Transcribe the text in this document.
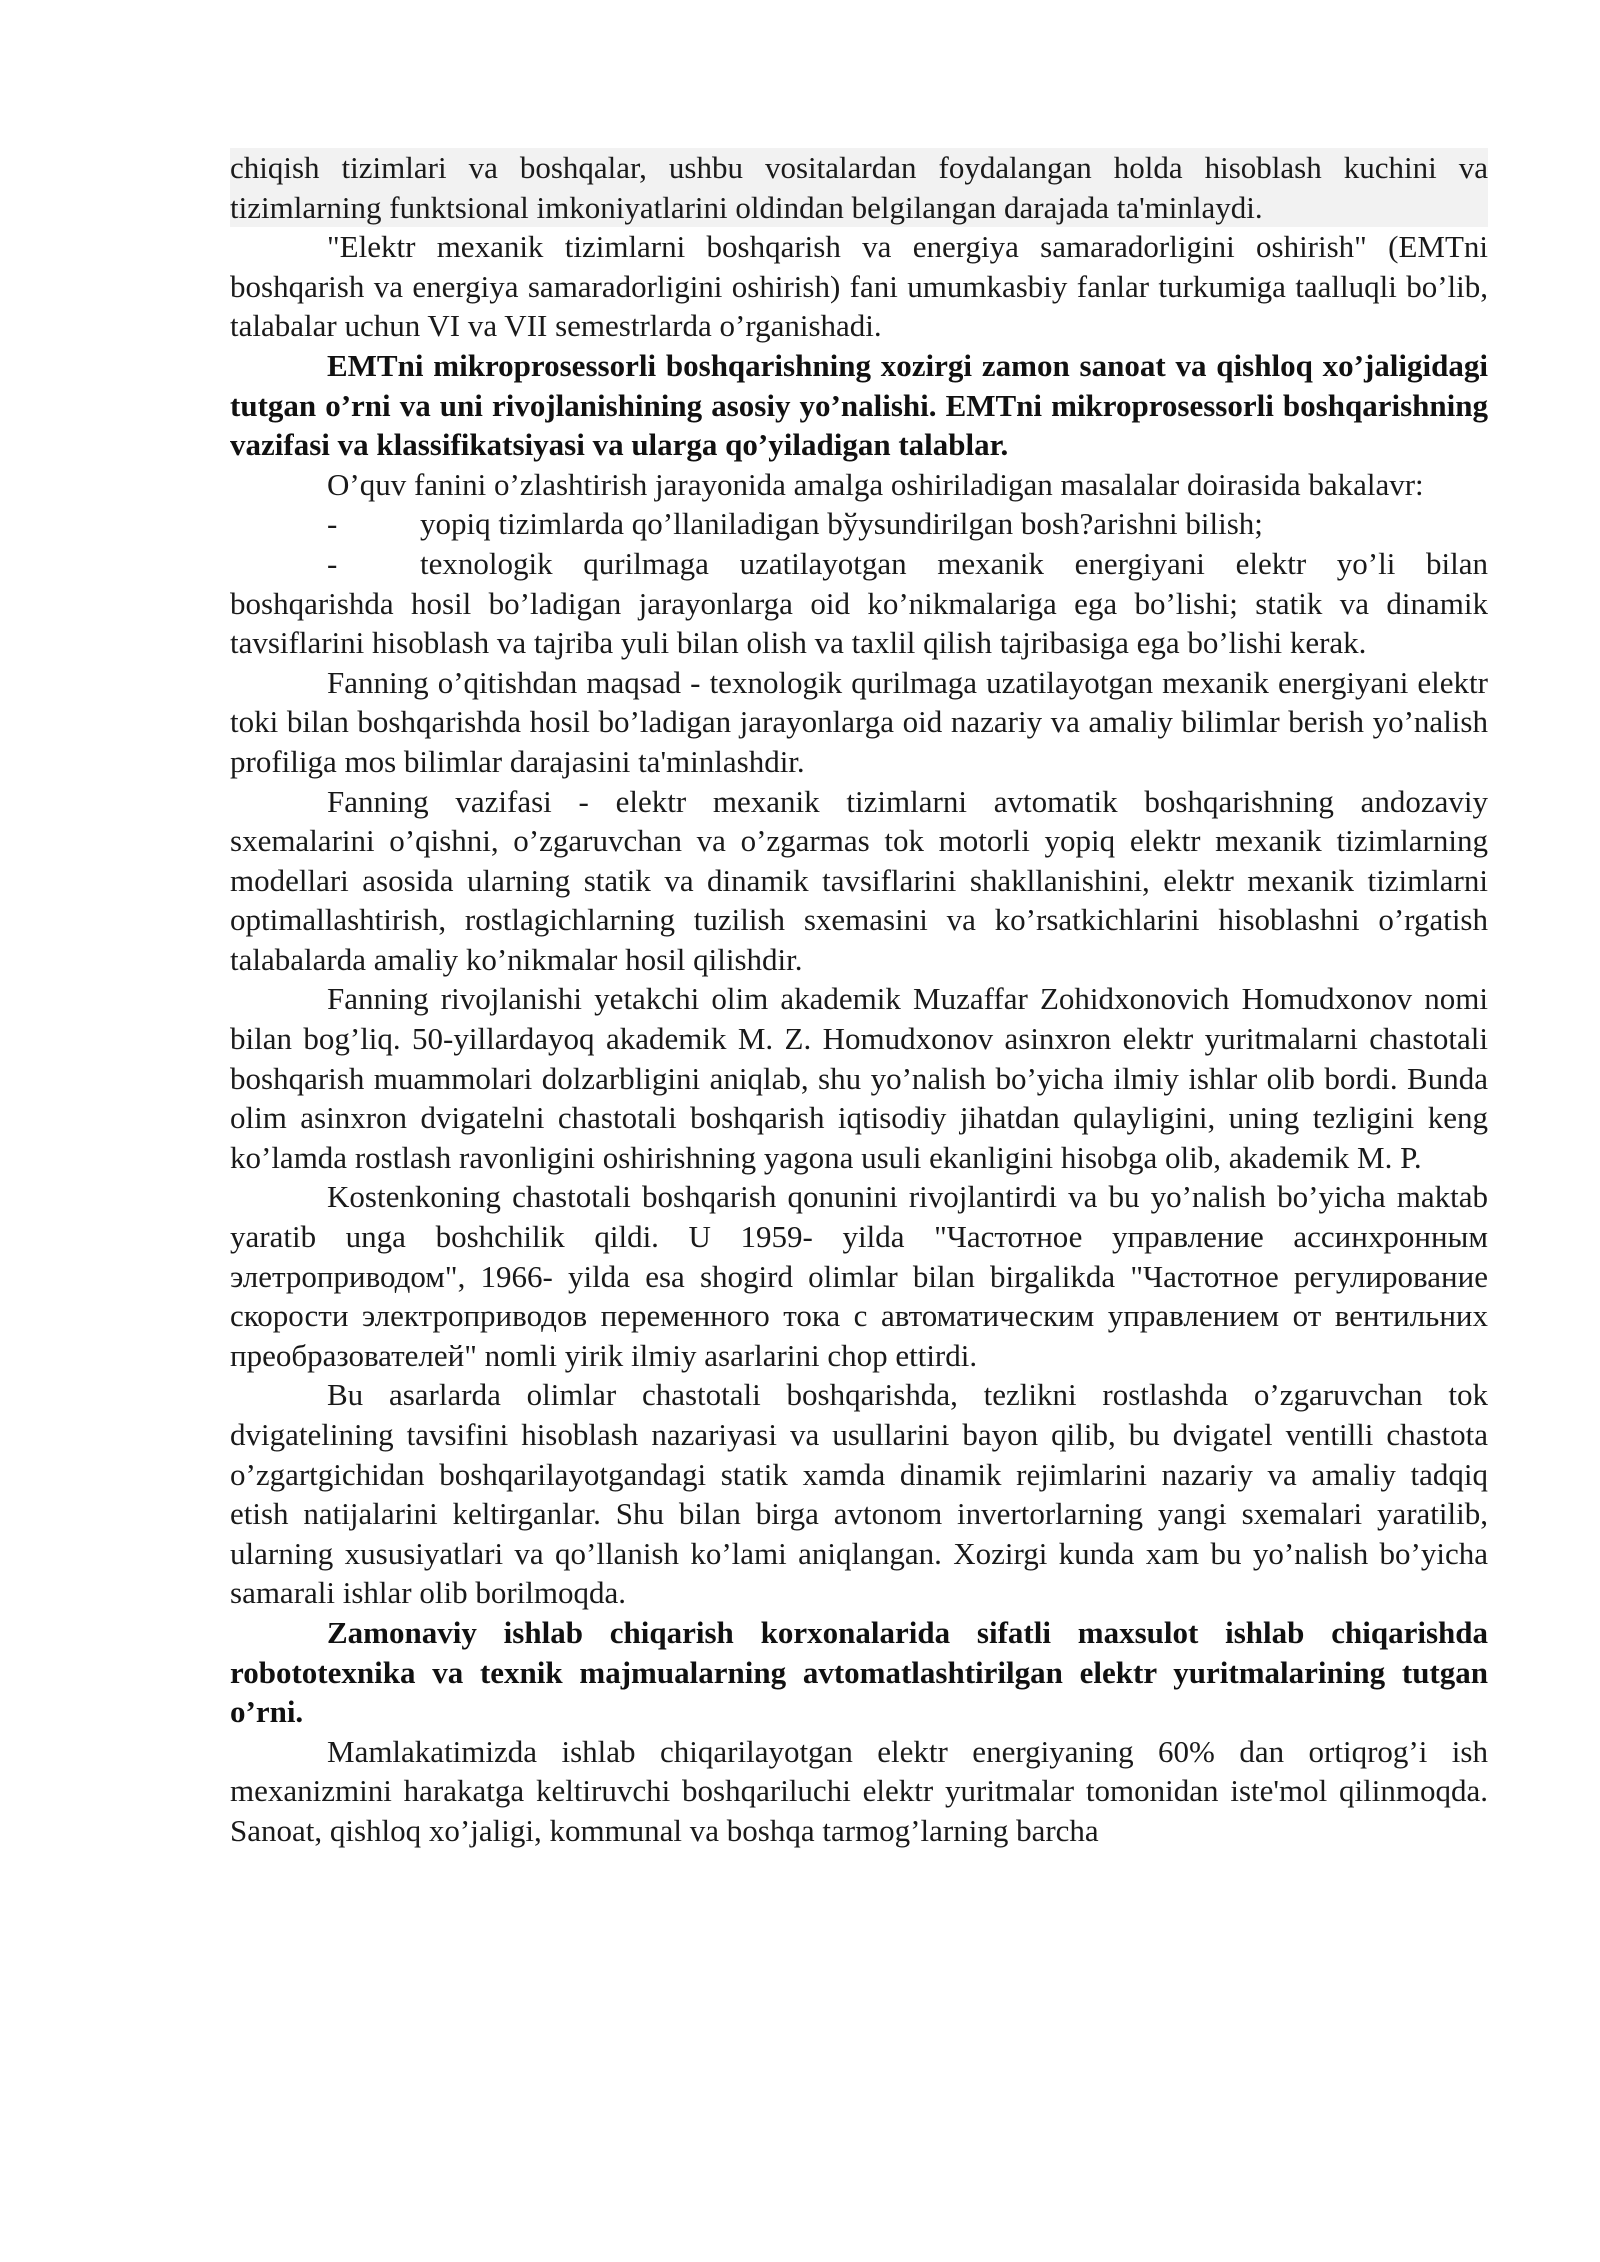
chiqish tizimlari va boshqalar, ushbu vositalardan foydalangan holda hisoblash kuchini va tizimlarning funktsional imkoniyatlarini oldindan belgilangan darajada ta'minlaydi.

"Elektr mexanik tizimlarni boshqarish va energiya samaradorligini oshirish" (EMTni boshqarish va energiya samaradorligini oshirish) fani umumkasbiy fanlar turkumiga taalluqli bo’lib, talabalar uchun VI va VII semestrlarda o’rganishadi.

EMTni mikroprosessorli boshqarishning xozirgi zamon sanoat va qishloq xo’jaligidagi tutgan o’rni va uni rivojlanishining asosiy yo’nalishi. EMTni mikroprosessorli boshqarishning vazifasi va klassifikatsiyasi va ularga qo’yiladigan talablar.

O’quv fanini o’zlashtirish jarayonida amalga oshiriladigan masalalar doirasida bakalavr:

-	yopiq tizimlarda qo’llaniladigan bўysundirilgan bosh?arishni bilish;

-	texnologik qurilmaga uzatilayotgan mexanik energiyani elektr yo’li bilan boshqarishda hosil bo’ladigan jarayonlarga oid ko’nikmalariga ega bo’lishi; statik va dinamik tavsiflarini hisoblash va tajriba yuli bilan olish va taxlil qilish tajribasiga ega bo’lishi kerak.

Fanning o’qitishdan maqsad - texnologik qurilmaga uzatilayotgan mexanik energiyani elektr toki bilan boshqarishda hosil bo’ladigan jarayonlarga oid nazariy va amaliy bilimlar berish yo’nalish profiliga mos bilimlar darajasini ta'minlashdir.

Fanning vazifasi - elektr mexanik tizimlarni avtomatik boshqarishning andozaviy sxemalarini o’qishni, o’zgaruvchan va o’zgarmas tok motorli yopiq elektr mexanik tizimlarning modellari asosida ularning statik va dinamik tavsiflarini shakllanishini, elektr mexanik tizimlarni optimallashtirish, rostlagichlarning tuzilish sxemasini va ko’rsatkichlarini hisoblashni o’rgatish talabalarda amaliy ko’nikmalar hosil qilishdir.

Fanning rivojlanishi yetakchi olim akademik Muzaffar Zohidxonovich Homudxonov nomi bilan bog’liq. 50-yillardayoq akademik M. Z. Homudxonov asinxron elektr yuritmalarni chastotali boshqarish muammolari dolzarbligini aniqlab, shu yo’nalish bo’yicha ilmiy ishlar olib bordi. Bunda olim asinxron dvigatelni chastotali boshqarish iqtisodiy jihatdan qulayligini, uning tezligini keng ko’lamda rostlash ravonligini oshirishning yagona usuli ekanligini hisobga olib, akademik M. P.

Kostenkoning chastotali boshqarish qonunini rivojlantirdi va bu yo’nalish bo’yicha maktab yaratib unga boshchilik qildi. U 1959- yilda "Частотное управление ассинхронным элетроприводом", 1966- yilda esa shogird olimlar bilan birgalikda "Частотное регулирование скорости электроприводов переменного тока с автоматическим управлением от вентильних преобразователей" nomli yirik ilmiy asarlarini chop ettirdi.

Bu asarlarda olimlar chastotali boshqarishda, tezlikni rostlashda o’zgaruvchan tok dvigatelining tavsifini hisoblash nazariyasi va usullarini bayon qilib, bu dvigatel ventilli chastota o’zgartgichidan boshqarilayotgandagi statik xamda dinamik rejimlarini nazariy va amaliy tadqiq etish natijalarini keltirganlar. Shu bilan birga avtonom invertorlarning yangi sxemalari yaratilib, ularning xususiyatlari va qo’llanish ko’lami aniqlangan. Xozirgi kunda xam bu yo’nalish bo’yicha samarali ishlar olib borilmoqda.

Zamonaviy ishlab chiqarish korxonalarida sifatli maxsulot ishlab chiqarishda robototexnika va texnik majmualarning avtomatlashtirilgan elektr yuritmalarining tutgan o’rni.

Mamlakatimizda ishlab chiqarilayotgan elektr energiyaning 60% dan ortiqrog’i ish mexanizmini harakatga keltiruvchi boshqariluchi elektr yuritmalar tomonidan iste'mol qilinmoqda. Sanoat, qishloq xo’jaligi, kommunal va boshqa tarmog’larning barcha
